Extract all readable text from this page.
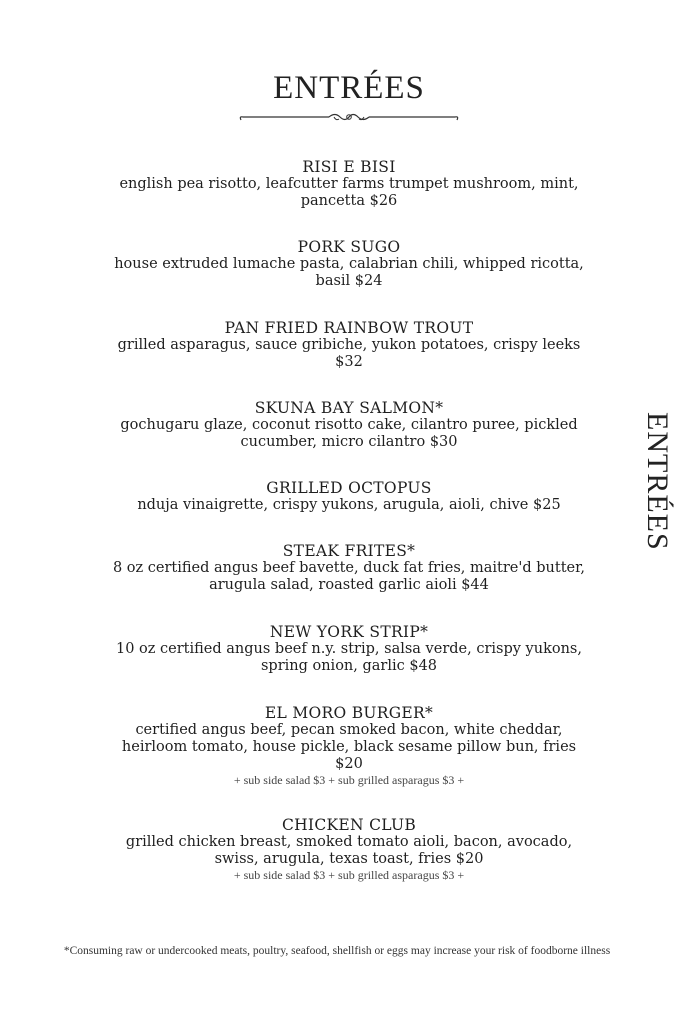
ENTRÉES
ENTRÉES
RISI E BISI
english pea risotto, leafcutter farms trumpet mushroom, mint,
pancetta $26
PORK SUGO
house extruded lumache pasta, calabrian chili, whipped ricotta,
basil $24
PAN FRIED RAINBOW TROUT
grilled asparagus, sauce gribiche, yukon potatoes, crispy leeks
$32
SKUNA BAY SALMON*
gochugaru glaze, coconut risotto cake, cilantro puree, pickled
cucumber, micro cilantro $30
GRILLED OCTOPUS
nduja vinaigrette, crispy yukons, arugula, aioli, chive $25
STEAK FRITES*
8 oz certified angus beef bavette, duck fat fries, maitre'd butter,
arugula salad, roasted garlic aioli $44
NEW YORK STRIP*
10 oz certified angus beef n.y. strip, salsa verde, crispy yukons,
spring onion, garlic $48
EL MORO BURGER*
certified angus beef, pecan smoked bacon, white cheddar,
heirloom tomato, house pickle, black sesame pillow bun, fries
$20
+ sub side salad $3 + sub grilled asparagus $3 +
CHICKEN CLUB
grilled chicken breast, smoked tomato aioli, bacon, avocado,
swiss, arugula, texas toast, fries $20
+ sub side salad $3 + sub grilled asparagus $3 +
*Consuming raw or undercooked meats, poultry, seafood, shellfish or eggs may increase your risk of foodborne illness
